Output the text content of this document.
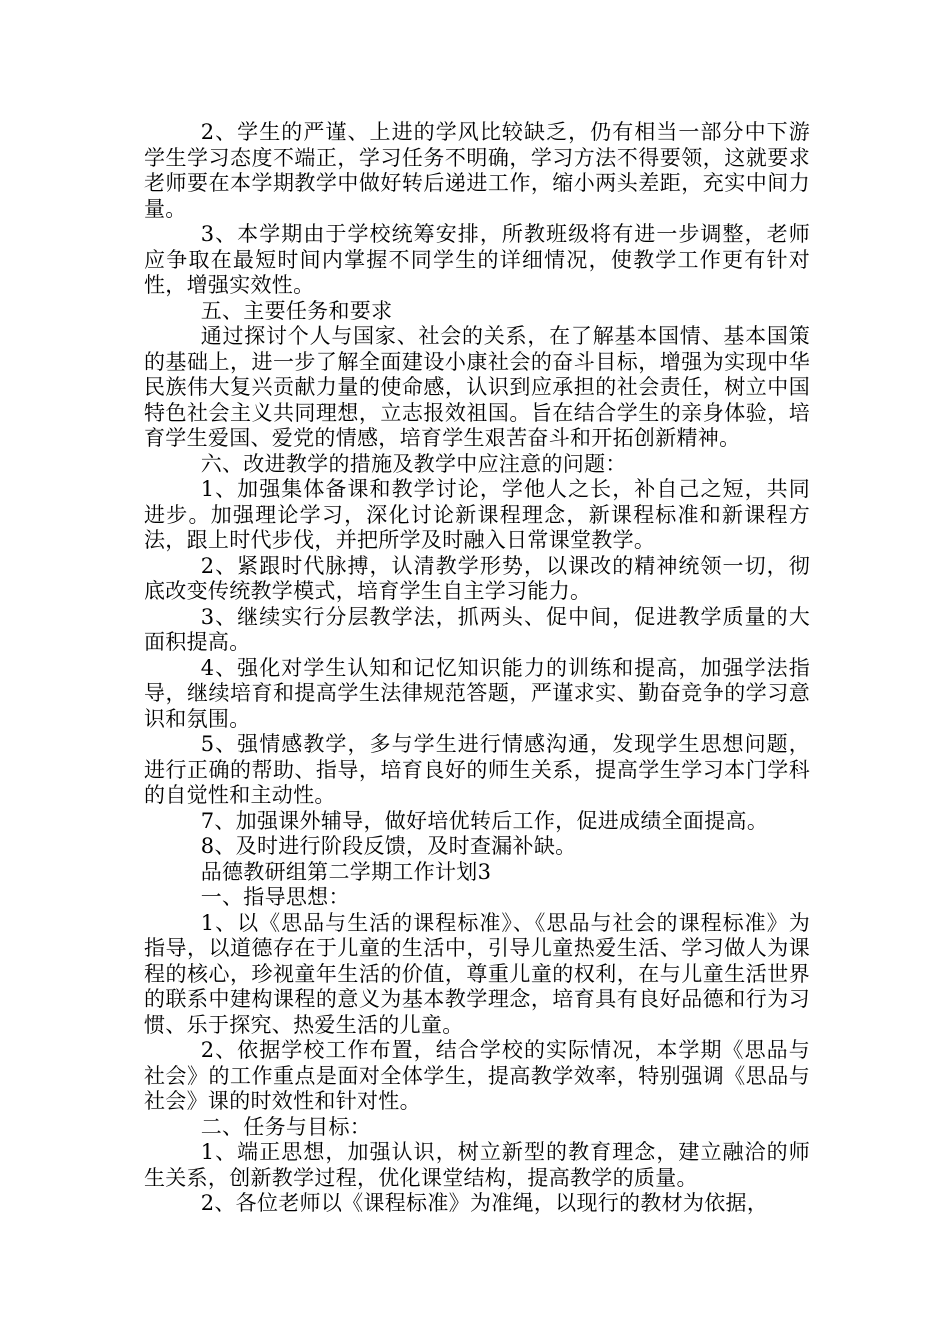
2、学生的严谨、上进的学风比较缺乏，仍有相当一部分中下游学生学习态度不端正，学习任务不明确，学习方法不得要领，这就要求老师要在本学期教学中做好转后递进工作，缩小两头差距，充实中间力量。

3、本学期由于学校统筹安排，所教班级将有进一步调整，老师应争取在最短时间内掌握不同学生的详细情况，使教学工作更有针对性，增强实效性。

五、主要任务和要求

通过探讨个人与国家、社会的关系，在了解基本国情、基本国策的基础上，进一步了解全面建设小康社会的奋斗目标，增强为实现中华民族伟大复兴贡献力量的使命感，认识到应承担的社会责任，树立中国特色社会主义共同理想，立志报效祖国。旨在结合学生的亲身体验，培育学生爱国、爱党的情感，培育学生艰苦奋斗和开拓创新精神。

六、改进教学的措施及教学中应注意的问题：

1、加强集体备课和教学讨论，学他人之长，补自己之短，共同进步。加强理论学习，深化讨论新课程理念，新课程标准和新课程方法，跟上时代步伐，并把所学及时融入日常课堂教学。

2、紧跟时代脉搏，认清教学形势，以课改的精神统领一切，彻底改变传统教学模式，培育学生自主学习能力。

3、继续实行分层教学法，抓两头、促中间，促进教学质量的大面积提高。

4、强化对学生认知和记忆知识能力的训练和提高，加强学法指导，继续培育和提高学生法律规范答题，严谨求实、勤奋竞争的学习意识和氛围。

5、强情感教学，多与学生进行情感沟通，发现学生思想问题，进行正确的帮助、指导，培育良好的师生关系，提高学生学习本门学科的自觉性和主动性。

7、加强课外辅导，做好培优转后工作，促进成绩全面提高。

8、及时进行阶段反馈，及时查漏补缺。

品德教研组第二学期工作计划3

一、指导思想：

1、以《思品与生活的课程标准》、《思品与社会的课程标准》为指导，以道德存在于儿童的生活中，引导儿童热爱生活、学习做人为课程的核心，珍视童年生活的价值，尊重儿童的权利，在与儿童生活世界的联系中建构课程的意义为基本教学理念，培育具有良好品德和行为习惯、乐于探究、热爱生活的儿童。

2、依据学校工作布置，结合学校的实际情况，本学期《思品与社会》的工作重点是面对全体学生，提高教学效率，特别强调《思品与社会》课的时效性和针对性。

二、任务与目标：

1、端正思想，加强认识，树立新型的教育理念，建立融洽的师生关系，创新教学过程，优化课堂结构，提高教学的质量。

2、各位老师以《课程标准》为准绳，以现行的教材为依据，
